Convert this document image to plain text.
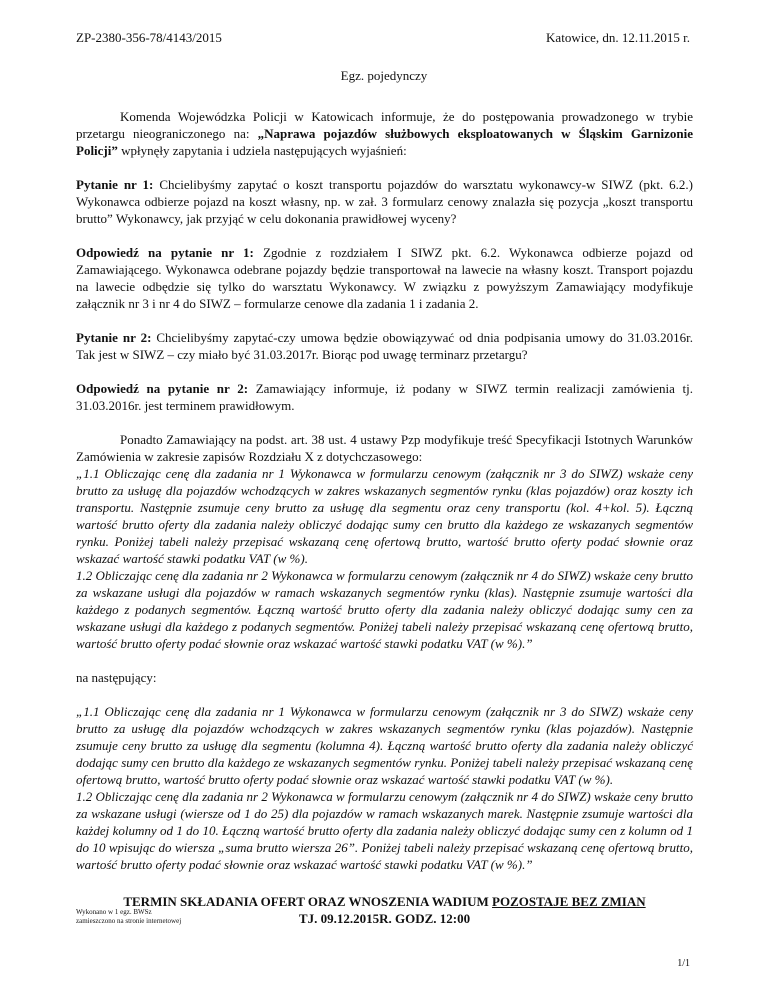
ZP-2380-356-78/4143/2015	Katowice, dn. 12.11.2015 r.
Egz. pojedynczy

Komenda Wojewódzka Policji w Katowicach informuje, że do postępowania prowadzonego w trybie przetargu nieograniczonego na: „Naprawa pojazdów służbowych eksploatowanych w Śląskim Garnizonie Policji” wpłynęły zapytania i udziela następujących wyjaśnień:

Pytanie nr 1: Chcielibyśmy zapytać o koszt transportu pojazdów do warsztatu wykonawcy-w SIWZ (pkt. 6.2.) Wykonawca odbierze pojazd na koszt własny, np. w zał. 3 formularz cenowy znalazła się pozycja „koszt transportu brutto” Wykonawcy, jak przyjąć w celu dokonania prawidłowej wyceny?

Odpowiedź na pytanie nr 1: Zgodnie z rozdziałem I SIWZ pkt. 6.2. Wykonawca odbierze pojazd od Zamawiającego. Wykonawca odebrane pojazdy będzie transportował na lawecie na własny koszt. Transport pojazdu na lawecie odbędzie się tylko do warsztatu Wykonawcy. W związku z powyższym Zamawiający modyfikuje załącznik nr 3 i nr 4 do SIWZ – formularze cenowe dla zadania 1 i zadania 2.

Pytanie nr 2: Chcielibyśmy zapytać-czy umowa będzie obowiązywać od dnia podpisania umowy do 31.03.2016r. Tak jest w SIWZ – czy miało być 31.03.2017r. Biorąc pod uwagę terminarz przetargu?

Odpowiedź na pytanie nr 2: Zamawiający informuje, iż podany w SIWZ termin realizacji zamówienia tj. 31.03.2016r. jest terminem prawidłowym.

Ponadto Zamawiający na podst. art. 38 ust. 4 ustawy Pzp modyfikuje treść Specyfikacji Istotnych Warunków Zamówienia w zakresie zapisów Rozdziału X z dotychczasowego:

„1.1 Obliczając cenę dla zadania nr 1 Wykonawca w formularzu cenowym (załącznik nr 3 do SIWZ) wskaże ceny brutto za usługę dla pojazdów wchodzących w zakres wskazanych segmentów rynku (klas pojazdów) oraz koszty ich transportu. Następnie zsumuje ceny brutto za usługę dla segmentu oraz ceny transportu (kol. 4+kol. 5). Łączną wartość brutto oferty dla zadania należy obliczyć dodając sumy cen brutto dla każdego ze wskazanych segmentów rynku. Poniżej tabeli należy przepisać wskazaną cenę ofertową brutto, wartość brutto oferty podać słownie oraz wskazać wartość stawki podatku VAT (w %).
1.2 Obliczając cenę dla zadania nr 2 Wykonawca w formularzu cenowym (załącznik nr 4 do SIWZ) wskaże ceny brutto za wskazane usługi dla pojazdów w ramach wskazanych segmentów rynku (klas). Następnie zsumuje wartości dla każdego z podanych segmentów. Łączną wartość brutto oferty dla zadania należy obliczyć dodając sumy cen za wskazane usługi dla każdego z podanych segmentów. Poniżej tabeli należy przepisać wskazaną cenę ofertową brutto, wartość brutto oferty podać słownie oraz wskazać wartość stawki podatku VAT (w %).”

na następujący:

„1.1 Obliczając cenę dla zadania nr 1 Wykonawca w formularzu cenowym (załącznik nr 3 do SIWZ) wskaże ceny brutto za usługę dla pojazdów wchodzących w zakres wskazanych segmentów rynku (klas pojazdów). Następnie zsumuje ceny brutto za usługę dla segmentu (kolumna 4). Łączną wartość brutto oferty dla zadania należy obliczyć dodając sumy cen brutto dla każdego ze wskazanych segmentów rynku. Poniżej tabeli należy przepisać wskazaną cenę ofertową brutto, wartość brutto oferty podać słownie oraz wskazać wartość stawki podatku VAT (w %).
1.2 Obliczając cenę dla zadania nr 2 Wykonawca w formularzu cenowym (załącznik nr 4 do SIWZ) wskaże ceny brutto za wskazane usługi (wiersze od 1 do 25) dla pojazdów w ramach wskazanych marek. Następnie zsumuje wartości dla każdej kolumny od 1 do 10. Łączną wartość brutto oferty dla zadania należy obliczyć dodając sumy cen z kolumn od 1 do 10 wpisując do wiersza „suma brutto wiersza 26”. Poniżej tabeli należy przepisać wskazaną cenę ofertową brutto, wartość brutto oferty podać słownie oraz wskazać wartość stawki podatku VAT (w %).”

TERMIN SKŁADANIA OFERT ORAZ WNOSZENIA WADIUM POZOSTAJE BEZ ZMIAN
TJ. 09.12.2015R. GODZ. 12:00
Wykonano w 1 egz. BWSz
zamieszczono na stronie internetowej
1/1
